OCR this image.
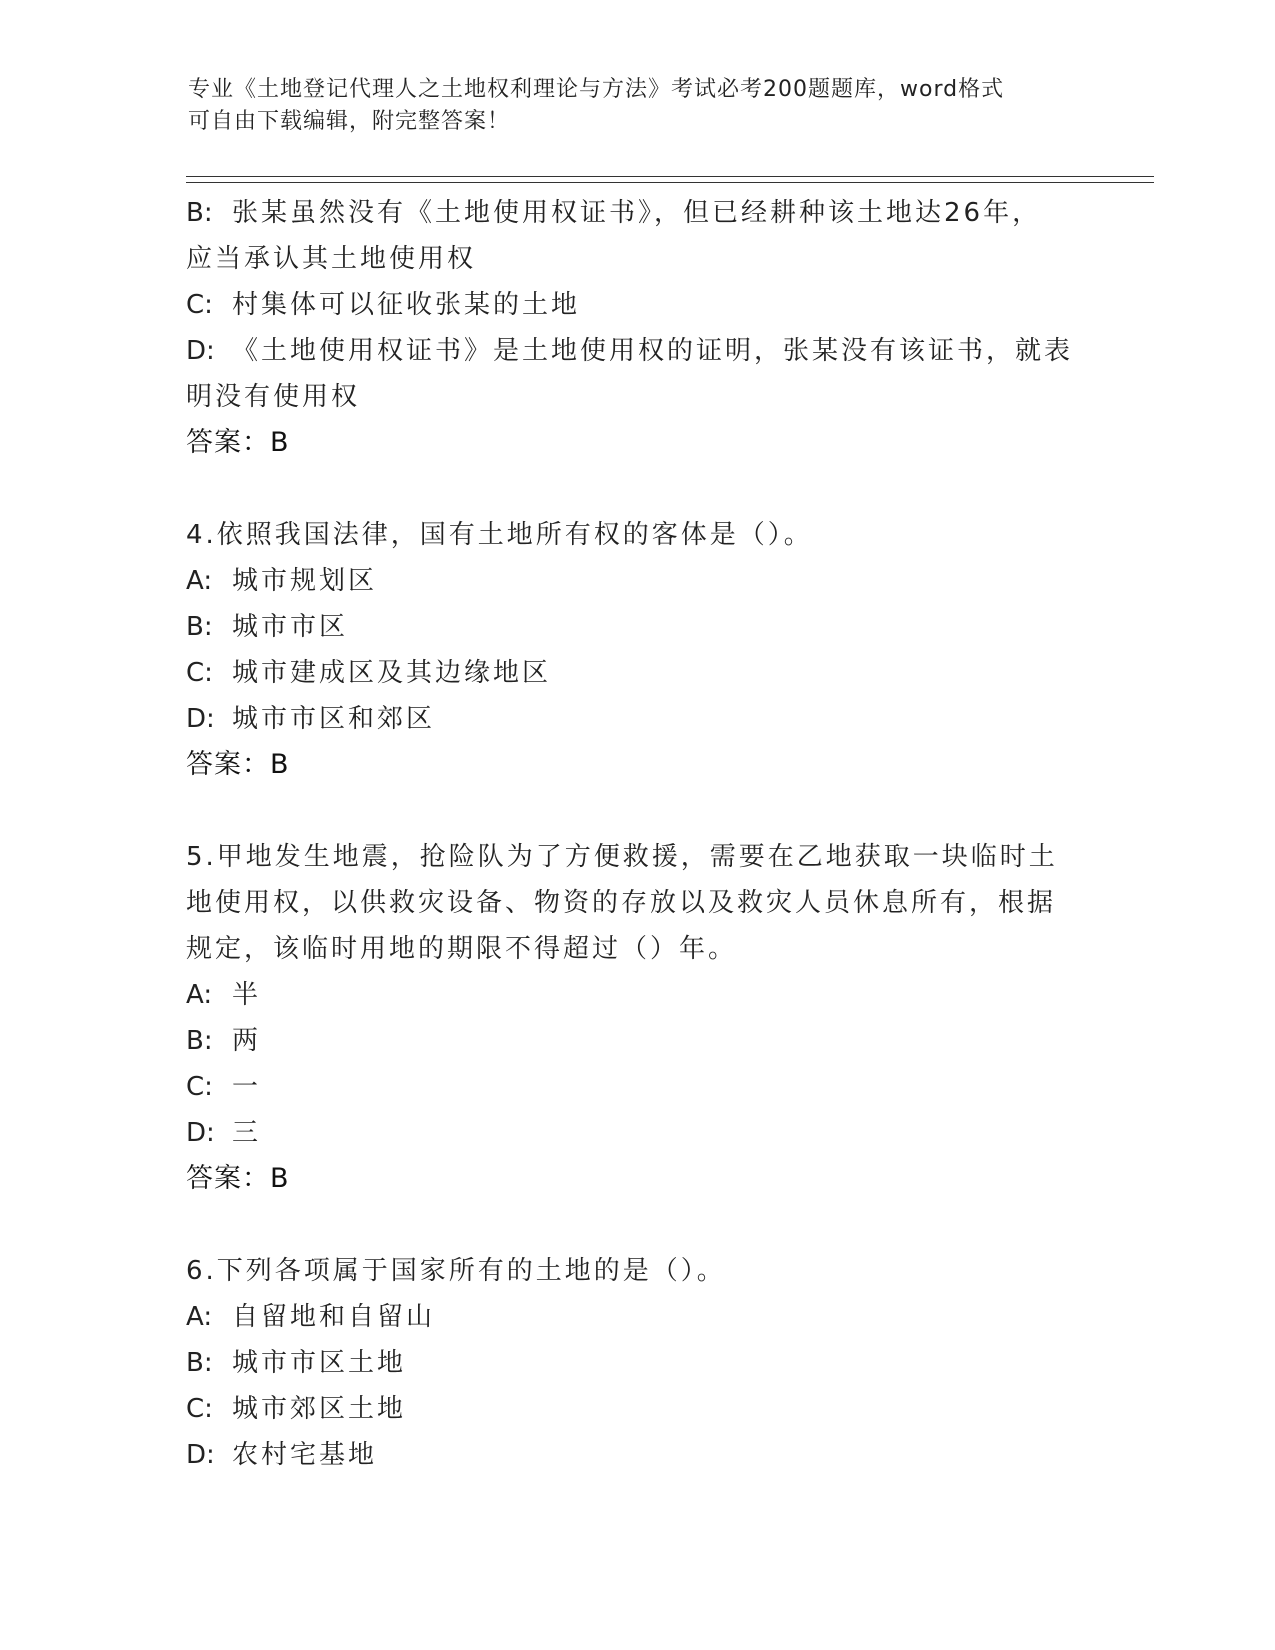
专业《土地登记代理人之土地权利理论与方法》考试必考200题题库，word格式
可自由下载编辑，附完整答案！
B: 张某虽然没有《土地使用权证书》，但已经耕种该土地达26年，
应当承认其土地使用权
C: 村集体可以征收张某的土地
D: 《土地使用权证书》是土地使用权的证明，张某没有该证书，就表
明没有使用权
答案：B
4.依照我国法律，国有土地所有权的客体是（）。
A: 城市规划区
B: 城市市区
C: 城市建成区及其边缘地区
D: 城市市区和郊区
答案：B
5.甲地发生地震，抢险队为了方便救援，需要在乙地获取一块临时土
地使用权，以供救灾设备、物资的存放以及救灾人员休息所有，根据
规定，该临时用地的期限不得超过（）年。
A: 半
B: 两
C: 一
D: 三
答案：B
6.下列各项属于国家所有的土地的是（）。
A: 自留地和自留山
B: 城市市区土地
C: 城市郊区土地
D: 农村宅基地
